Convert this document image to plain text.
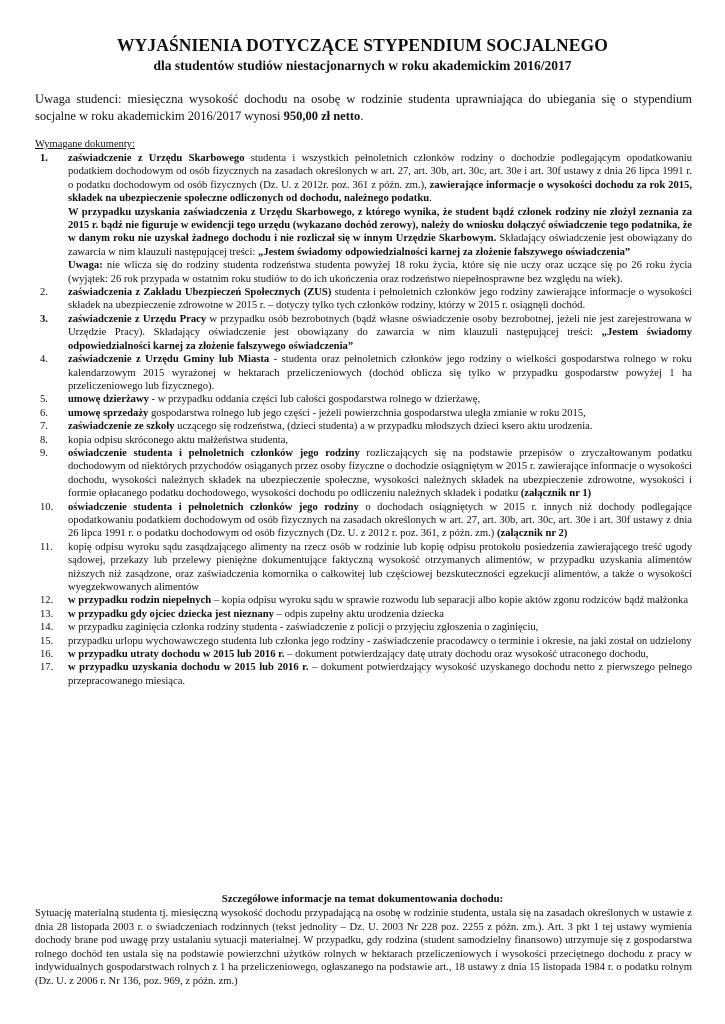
WYJAŚNIENIA DOTYCZĄCE STYPENDIUM SOCJALNEGO
dla studentów studiów niestacjonarnych w roku akademickim 2016/2017

Uwaga studenci: miesięczna wysokość dochodu na osobę w rodzinie studenta uprawniająca do ubiegania się o stypendium socjalne w roku akademickim 2016/2017 wynosi 950,00 zł netto.

Wymagane dokumenty:
1. zaświadczenie z Urzędu Skarbowego studenta i wszystkich pełnoletnich członków rodziny o dochodzie podlegającym opodatkowaniu podatkiem dochodowym od osób fizycznych na zasadach określonych w art. 27, art. 30b, art. 30c, art. 30e i art. 30f ustawy z dnia 26 lipca 1991 r. o podatku dochodowym od osób fizycznych (Dz. U. z 2012r. poz. 361 z późn. zm.), zawierające informacje o wysokości dochodu za rok 2015, składek na ubezpieczenie społeczne odliczonych od dochodu, należnego podatku.
W przypadku uzyskania zaświadczenia z Urzędu Skarbowego, z którego wynika, że student bądź członek rodziny nie złożył zeznania za 2015 r. bądź nie figuruje w ewidencji tego urzędu (wykazano dochód zerowy), należy do wniosku dołączyć oświadczenie tego podatnika, że w danym roku nie uzyskał żadnego dochodu i nie rozliczał się w innym Urzędzie Skarbowym. Składający oświadczenie jest obowiązany do zawarcia w nim klauzuli następującej treści: „Jestem świadomy odpowiedzialności karnej za złożenie fałszywego oświadczenia”
Uwaga: nie wlicza się do rodziny studenta rodzeństwa studenta powyżej 18 roku życia, które się nie uczy oraz uczące się po 26 roku życia (wyjątek: 26 rok przypada w ostatnim roku studiów to do ich ukończenia oraz rodzeństwo niepełnosprawne bez względu na wiek).
2. zaświadczenia z Zakładu Ubezpieczeń Społecznych (ZUS) studenta i pełnoletnich członków jego rodziny zawierające informacje o wysokości składek na ubezpieczenie zdrowotne w 2015 r. – dotyczy tylko tych członków rodziny, którzy w 2015 r. osiągnęli dochód.
3. zaświadczenie z Urzędu Pracy w przypadku osób bezrobotnych (bądź własne oświadczenie osoby bezrobotnej, jeżeli nie jest zarejestrowana w Urzędzie Pracy). Składający oświadczenie jest obowiązany do zawarcia w nim klauzuli następującej treści: „Jestem świadomy odpowiedzialności karnej za złożenie fałszywego oświadczenia”
4. zaświadczenie z Urzędu Gminy lub Miasta - studenta oraz pełnoletnich członków jego rodziny o wielkości gospodarstwa rolnego w roku kalendarzowym 2015 wyrażonej w hektarach przeliczeniowych (dochód oblicza się tylko w przypadku gospodarstw powyżej 1 ha przeliczeniowego lub fizycznego).
5. umowę dzierżawy - w przypadku oddania części lub całości gospodarstwa rolnego w dzierżawę,
6. umowę sprzedaży gospodarstwa rolnego lub jego części - jeżeli powierzchnia gospodarstwa uległa zmianie w roku 2015,
7. zaświadczenie ze szkoły uczącego się rodzeństwa, (dzieci studenta) a w przypadku młodszych dzieci ksero aktu urodzenia.
8. kopia odpisu skróconego aktu małżeństwa studenta,
9. oświadczenie studenta i pełnoletnich członków jego rodziny rozliczających się na podstawie przepisów o zryczałtowanym podatku dochodowym od niektórych przychodów osiąganych przez osoby fizyczne o dochodzie osiągniętym w 2015 r. zawierające informacje o wysokości dochodu, wysokości należnych składek na ubezpieczenie społeczne, wysokości należnych składek na ubezpieczenie zdrowotne, wysokości i formie opłacanego podatku dochodowego, wysokości dochodu po odliczeniu należnych składek i podatku (załącznik nr 1)
10. oświadczenie studenta i pełnoletnich członków jego rodziny o dochodach osiągniętych w 2015 r. innych niż dochody podlegające opodatkowaniu podatkiem dochodowym od osób fizycznych na zasadach określonych w art. 27, art. 30b, art. 30c, art. 30e i art. 30f ustawy z dnia 26 lipca 1991 r. o podatku dochodowym od osób fizycznych (Dz. U. z 2012 r. poz. 361, z późn. zm.) (załącznik nr 2)
11. kopię odpisu wyroku sądu zasądzającego alimenty na rzecz osób w rodzinie lub kopię odpisu protokołu posiedzenia zawierającego treść ugody sądowej, przekazy lub przelewy pieniężne dokumentujące faktyczną wysokość otrzymanych alimentów, w przypadku uzyskania alimentów niższych niż zasądzone, oraz zaświadczenia komornika o całkowitej lub częściowej bezskuteczności egzekucji alimentów, a także o wysokości wyegzekwowanych alimentów
12. w przypadku rodzin niepełnych – kopia odpisu wyroku sądu w sprawie rozwodu lub separacji albo kopie aktów zgonu rodziców bądź małżonka
13. w przypadku gdy ojciec dziecka jest nieznany – odpis zupełny aktu urodzenia dziecka
14. w przypadku zaginięcia członka rodziny studenta - zaświadczenie z policji o przyjęciu zgłoszenia o zaginięciu,
15. przypadku urlopu wychowawczego studenta lub członka jego rodziny - zaświadczenie pracodawcy o terminie i okresie, na jaki został on udzielony
16. w przypadku utraty dochodu w 2015 lub 2016 r. – dokument potwierdzający datę utraty dochodu oraz wysokość utraconego dochodu,
17. w przypadku uzyskania dochodu w 2015 lub 2016 r. – dokument potwierdzający wysokość uzyskanego dochodu netto z pierwszego pełnego przepracowanego miesiąca.
Szczegółowe informacje na temat dokumentowania dochodu:

Sytuację materialną studenta tj. miesięczną wysokość dochodu przypadającą na osobę w rodzinie studenta, ustala się na zasadach określonych w ustawie z dnia 28 listopada 2003 r. o świadczeniach rodzinnych (tekst jednolity – Dz. U. 2003 Nr 228 poz. 2255 z późn. zm.). Art. 3 pkt 1 tej ustawy wymienia dochody brane pod uwagę przy ustalaniu sytuacji materialnej. W przypadku, gdy rodzina (student samodzielny finansowo) utrzymuje się z gospodarstwa rolnego dochód ten ustala się na podstawie powierzchni użytków rolnych w hektarach przeliczeniowych i wysokości przeciętnego dochodu z pracy w indywidualnych gospodarstwach rolnych z 1 ha przeliczeniowego, ogłaszanego na podstawie art., 18 ustawy z dnia 15 listopada 1984 r. o podatku rolnym (Dz. U. z 2006 r. Nr 136, poz. 969, z późn. zm.)
